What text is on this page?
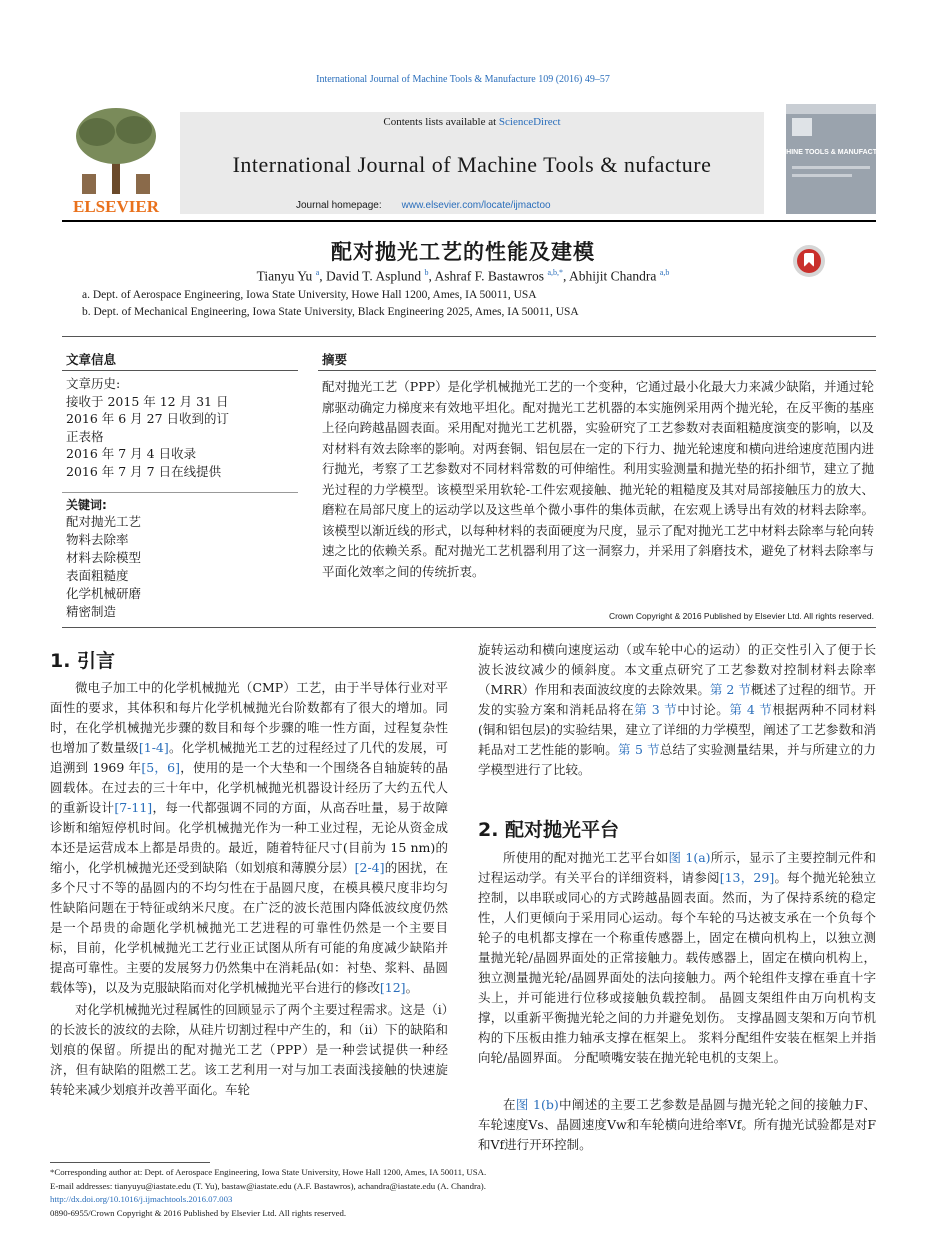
International Journal of Machine Tools & Manufacture 109 (2016) 49–57
ELSEVIER
Contents lists available at ScienceDirect
International Journal of Machine Tools & nufacture
Journal homepage: www.elsevier.com/locate/ijmactoo
MACHINE TOOLS & MANUFACTURE
配对抛光工艺的性能及建模
Tianyu Yu $^a$, David T. Asplund $^b$, Ashraf F. Bastawros $^{a,b,*}$, Abhijit Chandra $^{a,b}$
a. Dept. of Aerospace Engineering, Iowa State University, Howe Hall 1200, Ames, IA 50011, USA
b. Dept. of Mechanical Engineering, Iowa State University, Black Engineering 2025, Ames, IA 50011, USA
文章信息	摘要
文章历史:
接收于 2015 年 12 月 31 日
2016 年 6 月 27 日收到的订
正表格
2016 年 7 月 4 日收录
2016 年 7 月 7 日在线提供
关键词:
配对抛光工艺
物料去除率
材料去除模型
表面粗糙度
化学机械研磨
精密制造
配对抛光工艺（PPP）是化学机械抛光工艺的一个变种，它通过最小化最大力来减少缺陷，并通过轮廓驱动确定力梯度来有效地平坦化。配对抛光工艺机器的本实施例采用两个抛光轮，在反平衡的基座上径向跨越晶圆表面。采用配对抛光工艺机器，实验研究了工艺参数对表面粗糙度演变的影响，以及对材料有效去除率的影响。对两套铜、铝包层在一定的下行力、抛光轮速度和横向进给速度范围内进行抛光，考察了工艺参数对不同材料常数的可伸缩性。利用实验测量和抛光垫的拓扑细节，建立了抛光过程的力学模型。该模型采用软轮-工件宏观接触、抛光轮的粗糙度及其对局部接触压力的放大、磨粒在局部尺度上的运动学以及这些单个微小事件的集体贡献，在宏观上诱导出有效的材料去除率。该模型以渐近线的形式，以每种材料的表面硬度为尺度，显示了配对抛光工艺中材料去除率与轮向转速之比的依赖关系。配对抛光工艺机器利用了这一洞察力，并采用了斜磨技术，避免了材料去除率与平面化效率之间的传统折衷。
Crown Copyright & 2016 Published by Elsevier Ltd. All rights reserved.
1. 引言

微电子加工中的化学机械抛光（CMP）工艺，由于半导体行业对平面性的要求，其体积和每片化学机械抛光台阶数都有了很大的增加。同时，在化学机械抛光步骤的数目和每个步骤的唯一性方面，过程复杂性也增加了数量级[1-4]。化学机械抛光工艺的过程经过了几代的发展，可追溯到 1969 年[5，6]，使用的是一个大垫和一个围绕各自轴旋转的晶圆载体。在过去的三十年中，化学机械抛光机器设计经历了大约五代人的重新设计[7-11]，每一代都强调不同的方面，从高吞吐量，易于故障诊断和缩短停机时间。化学机械抛光作为一种工业过程，无论从资金成本还是运营成本上都是昂贵的。最近，随着特征尺寸(目前为 15 nm)的缩小，化学机械抛光还受到缺陷（如划痕和薄膜分层）[2-4]的困扰，在多个尺寸不等的晶圆内的不均匀性在于晶圆尺度，在模具模尺度非均匀性缺陷问题在于特征或纳米尺度。在广泛的波长范围内降低波纹度仍然是一个昂贵的命题化学机械抛光工艺进程的可靠性仍然是一个主要目标，目前，化学机械抛光工艺行业正试图从所有可能的角度减少缺陷并提高可靠性。主要的发展努力仍然集中在消耗品(如：衬垫、浆料、晶圆载体等)，以及为克服缺陷而对化学机械抛光平台进行的修改[12]。

对化学机械抛光过程属性的回顾显示了两个主要过程需求。这是（i）的长波长的波纹的去除，从硅片切割过程中产生的，和（ii）下的缺陷和划痕的保留。所提出的配对抛光工艺（PPP）是一种尝试提供一种经济，但有缺陷的阻燃工艺。该工艺利用一对与加工表面浅接触的快速旋转轮来减少划痕并改善平面化。车轮

旋转运动和横向速度运动（或车轮中心的运动）的正交性引入了便于长波长波纹减少的倾斜度。本文重点研究了工艺参数对控制材料去除率（MRR）作用和表面波纹度的去除效果。第 2 节概述了过程的细节。开发的实验方案和消耗品将在第 3 节中讨论。第 4 节根据两种不同材料(铜和铝包层)的实验结果，建立了详细的力学模型，阐述了工艺参数和消耗品对工艺性能的影响。第 5 节总结了实验测量结果，并与所建立的力学模型进行了比较。

2. 配对抛光平台

所使用的配对抛光工艺平台如图 1(a)所示，显示了主要控制元件和过程运动学。有关平台的详细资料，请参阅[13，29]。每个抛光轮独立控制，以串联或同心的方式跨越晶圆表面。然而，为了保持系统的稳定性，人们更倾向于采用同心运动。每个车轮的马达被支承在一个负每个轮子的电机都支撑在一个称重传感器上，固定在横向机构上，以独立测量抛光轮/晶圆界面处的正常接触力。载传感器上，固定在横向机构上，独立测量抛光轮/晶圆界面处的法向接触力。两个轮组件支撑在垂直十字头上，并可能进行位移或接触负载控制。 晶圆支架组件由万向机构支撑，以重新平衡抛光轮之间的力并避免划伤。 支撑晶圆支架和万向节机构的下压板由推力轴承支撑在框架上。 浆料分配组件安装在框架上并指向轮/晶圆界面。 分配喷嘴安装在抛光轮电机的支架上。

在图 1(b)中阐述的主要工艺参数是晶圆与抛光轮之间的接触力F、车轮速度Vs、晶圆速度Vw和车轮横向进给率Vf。所有抛光试验都是对F和Vf进行开环控制。

*Corresponding author at: Dept. of Aerospace Engineering, Iowa State University, Howe Hall 1200, Ames, IA 50011, USA.
E-mail addresses: tianyuyu@iastate.edu (T. Yu), bastaw@iastate.edu (A.F. Bastawros), achandra@iastate.edu (A. Chandra).
http://dx.doi.org/10.1016/j.ijmachtools.2016.07.003
0890-6955/Crown Copyright & 2016 Published by Elsevier Ltd. All rights reserved.
